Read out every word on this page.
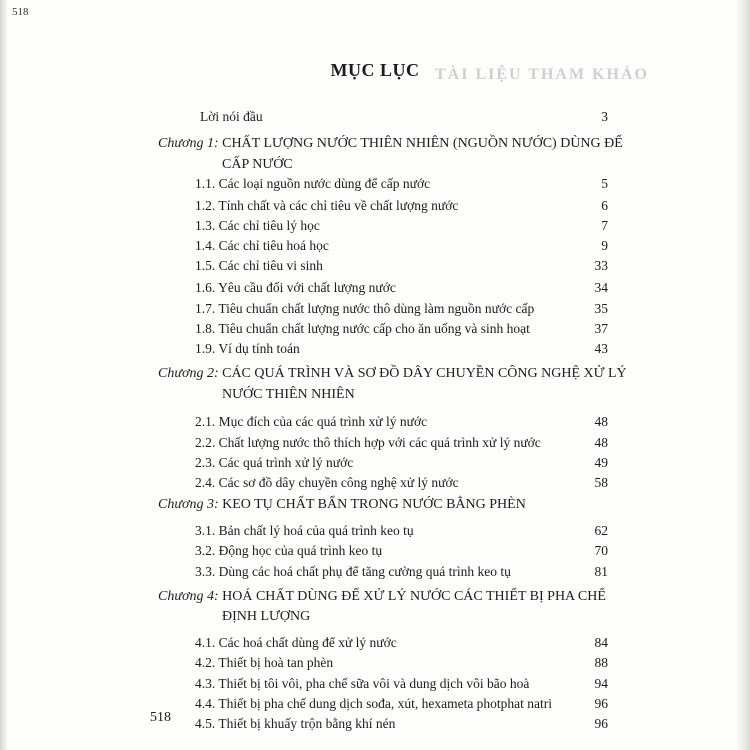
518
TÀI LIỆU THAM KHẢO
MỤC LỤC
Lời nói đầu	3
Chương 1: CHẤT LƯỢNG NƯỚC THIÊN NHIÊN (NGUỒN NƯỚC) DÙNG ĐỂ
CẤP NƯỚC
1.1. Các loại nguồn nước dùng để cấp nước	5
1.2. Tính chất và các chỉ tiêu về chất lượng nước	6
1.3. Các chỉ tiêu lý học	7
1.4. Các chỉ tiêu hoá học	9
1.5. Các chỉ tiêu vi sinh	33
1.6. Yêu cầu đối với chất lượng nước	34
1.7. Tiêu chuẩn chất lượng nước thô dùng làm nguồn nước cấp	35
1.8. Tiêu chuẩn chất lượng nước cấp cho ăn uống và sinh hoạt	37
1.9. Ví dụ tính toán	43
Chương 2: CÁC QUÁ TRÌNH VÀ SƠ ĐỒ DÂY CHUYỀN CÔNG NGHỆ XỬ LÝ
NƯỚC THIÊN NHIÊN
2.1. Mục đích của các quá trình xử lý nước	48
2.2. Chất lượng nước thô thích hợp với các quá trình xử lý nước	48
2.3. Các quá trình xử lý nước	49
2.4. Các sơ đồ dây chuyền công nghệ xử lý nước	58
Chương 3: KEO TỤ CHẤT BẨN TRONG NƯỚC BẰNG PHÈN
3.1. Bản chất lý hoá của quá trình keo tụ	62
3.2. Động học của quá trình keo tụ	70
3.3. Dùng các hoá chất phụ để tăng cường quá trình keo tụ	81
Chương 4: HOÁ CHẤT DÙNG ĐỂ XỬ LÝ NƯỚC CÁC THIẾT BỊ PHA CHẾ
ĐỊNH LƯỢNG
4.1. Các hoá chất dùng để xử lý nước	84
4.2. Thiết bị hoà tan phèn	88
4.3. Thiết bị tôi vôi, pha chế sữa vôi và dung dịch vôi bão hoà	94
4.4. Thiết bị pha chế dung dịch sođa, xút, hexameta photphat natri	96
4.5. Thiết bị khuấy trộn bằng khí nén	96
518
